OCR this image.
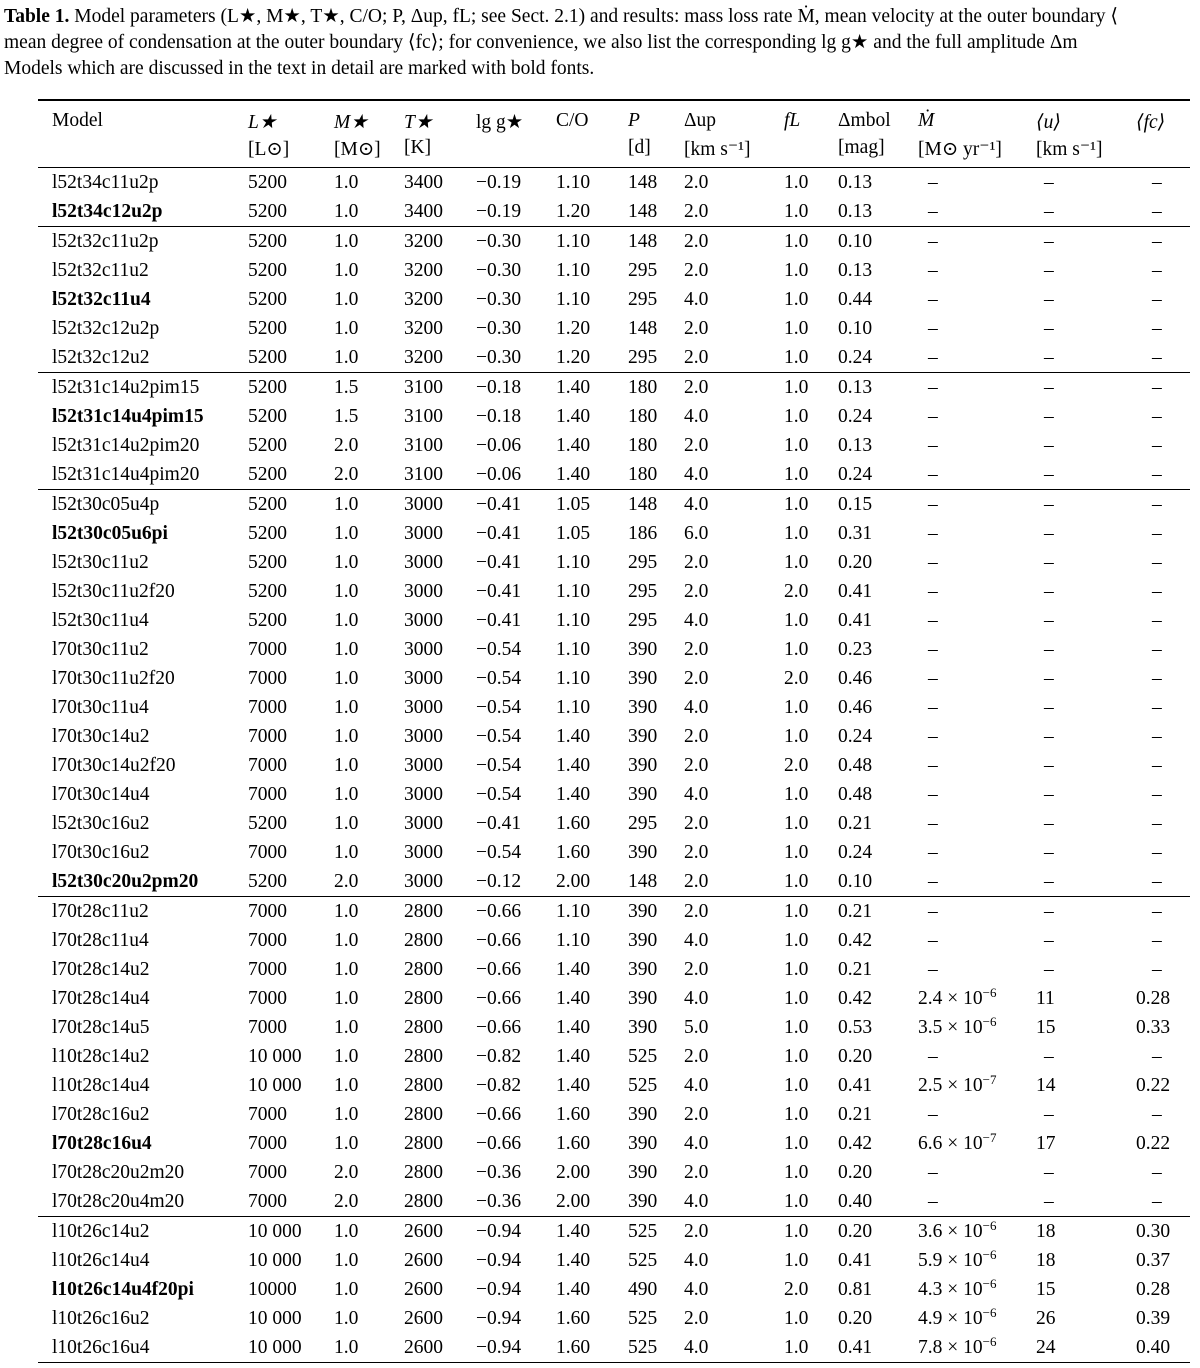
Table 1. Model parameters (L★, M★, T★, C/O; P, Δup, fL; see Sect. 2.1) and results: mass loss rate Ṁ, mean velocity at the outer boundary ⟨
mean degree of condensation at the outer boundary ⟨fc⟩; for convenience, we also list the corresponding lg g★ and the full amplitude Δm
Models which are discussed in the text in detail are marked with bold fonts.
	Model	L★	M★	T★	lg g★	C/O	P	Δup	fL	Δmbol	Ṁ	⟨u⟩	⟨fc⟩
		[L⊙]	[M⊙]	[K]			[d]	[km s⁻¹]		[mag]	[M⊙ yr⁻¹]	[km s⁻¹]	
	l52t34c11u2p	5200	1.0	3400	−0.19	1.10	148	2.0	1.0	0.13	–	–	–
	l52t34c12u2p	5200	1.0	3400	−0.19	1.20	148	2.0	1.0	0.13	–	–	–
	l52t32c11u2p	5200	1.0	3200	−0.30	1.10	148	2.0	1.0	0.10	–	–	–
	l52t32c11u2	5200	1.0	3200	−0.30	1.10	295	2.0	1.0	0.13	–	–	–
	l52t32c11u4	5200	1.0	3200	−0.30	1.10	295	4.0	1.0	0.44	–	–	–
	l52t32c12u2p	5200	1.0	3200	−0.30	1.20	148	2.0	1.0	0.10	–	–	–
	l52t32c12u2	5200	1.0	3200	−0.30	1.20	295	2.0	1.0	0.24	–	–	–
	l52t31c14u2pim15	5200	1.5	3100	−0.18	1.40	180	2.0	1.0	0.13	–	–	–
	l52t31c14u4pim15	5200	1.5	3100	−0.18	1.40	180	4.0	1.0	0.24	–	–	–
	l52t31c14u2pim20	5200	2.0	3100	−0.06	1.40	180	2.0	1.0	0.13	–	–	–
	l52t31c14u4pim20	5200	2.0	3100	−0.06	1.40	180	4.0	1.0	0.24	–	–	–
	l52t30c05u4p	5200	1.0	3000	−0.41	1.05	148	4.0	1.0	0.15	–	–	–
	l52t30c05u6pi	5200	1.0	3000	−0.41	1.05	186	6.0	1.0	0.31	–	–	–
	l52t30c11u2	5200	1.0	3000	−0.41	1.10	295	2.0	1.0	0.20	–	–	–
	l52t30c11u2f20	5200	1.0	3000	−0.41	1.10	295	2.0	2.0	0.41	–	–	–
	l52t30c11u4	5200	1.0	3000	−0.41	1.10	295	4.0	1.0	0.41	–	–	–
	l70t30c11u2	7000	1.0	3000	−0.54	1.10	390	2.0	1.0	0.23	–	–	–
	l70t30c11u2f20	7000	1.0	3000	−0.54	1.10	390	2.0	2.0	0.46	–	–	–
	l70t30c11u4	7000	1.0	3000	−0.54	1.10	390	4.0	1.0	0.46	–	–	–
	l70t30c14u2	7000	1.0	3000	−0.54	1.40	390	2.0	1.0	0.24	–	–	–
	l70t30c14u2f20	7000	1.0	3000	−0.54	1.40	390	2.0	2.0	0.48	–	–	–
	l70t30c14u4	7000	1.0	3000	−0.54	1.40	390	4.0	1.0	0.48	–	–	–
	l52t30c16u2	5200	1.0	3000	−0.41	1.60	295	2.0	1.0	0.21	–	–	–
	l70t30c16u2	7000	1.0	3000	−0.54	1.60	390	2.0	1.0	0.24	–	–	–
	l52t30c20u2pm20	5200	2.0	3000	−0.12	2.00	148	2.0	1.0	0.10	–	–	–
	l70t28c11u2	7000	1.0	2800	−0.66	1.10	390	2.0	1.0	0.21	–	–	–
	l70t28c11u4	7000	1.0	2800	−0.66	1.10	390	4.0	1.0	0.42	–	–	–
	l70t28c14u2	7000	1.0	2800	−0.66	1.40	390	2.0	1.0	0.21	–	–	–
	l70t28c14u4	7000	1.0	2800	−0.66	1.40	390	4.0	1.0	0.42	$2.4 \times 10^{-6}$	11	0.28
	l70t28c14u5	7000	1.0	2800	−0.66	1.40	390	5.0	1.0	0.53	$3.5 \times 10^{-6}$	15	0.33
	l10t28c14u2	10 000	1.0	2800	−0.82	1.40	525	2.0	1.0	0.20	–	–	–
	l10t28c14u4	10 000	1.0	2800	−0.82	1.40	525	4.0	1.0	0.41	$2.5 \times 10^{-7}$	14	0.22
	l70t28c16u2	7000	1.0	2800	−0.66	1.60	390	2.0	1.0	0.21	–	–	–
	l70t28c16u4	7000	1.0	2800	−0.66	1.60	390	4.0	1.0	0.42	$6.6 \times 10^{-7}$	17	0.22
	l70t28c20u2m20	7000	2.0	2800	−0.36	2.00	390	2.0	1.0	0.20	–	–	–
	l70t28c20u4m20	7000	2.0	2800	−0.36	2.00	390	4.0	1.0	0.40	–	–	–
	l10t26c14u2	10 000	1.0	2600	−0.94	1.40	525	2.0	1.0	0.20	$3.6 \times 10^{-6}$	18	0.30
	l10t26c14u4	10 000	1.0	2600	−0.94	1.40	525	4.0	1.0	0.41	$5.9 \times 10^{-6}$	18	0.37
	l10t26c14u4f20pi	10000	1.0	2600	−0.94	1.40	490	4.0	2.0	0.81	$4.3 \times 10^{-6}$	15	0.28
	l10t26c16u2	10 000	1.0	2600	−0.94	1.60	525	2.0	1.0	0.20	$4.9 \times 10^{-6}$	26	0.39
	l10t26c16u4	10 000	1.0	2600	−0.94	1.60	525	4.0	1.0	0.41	$7.8 \times 10^{-6}$	24	0.40
